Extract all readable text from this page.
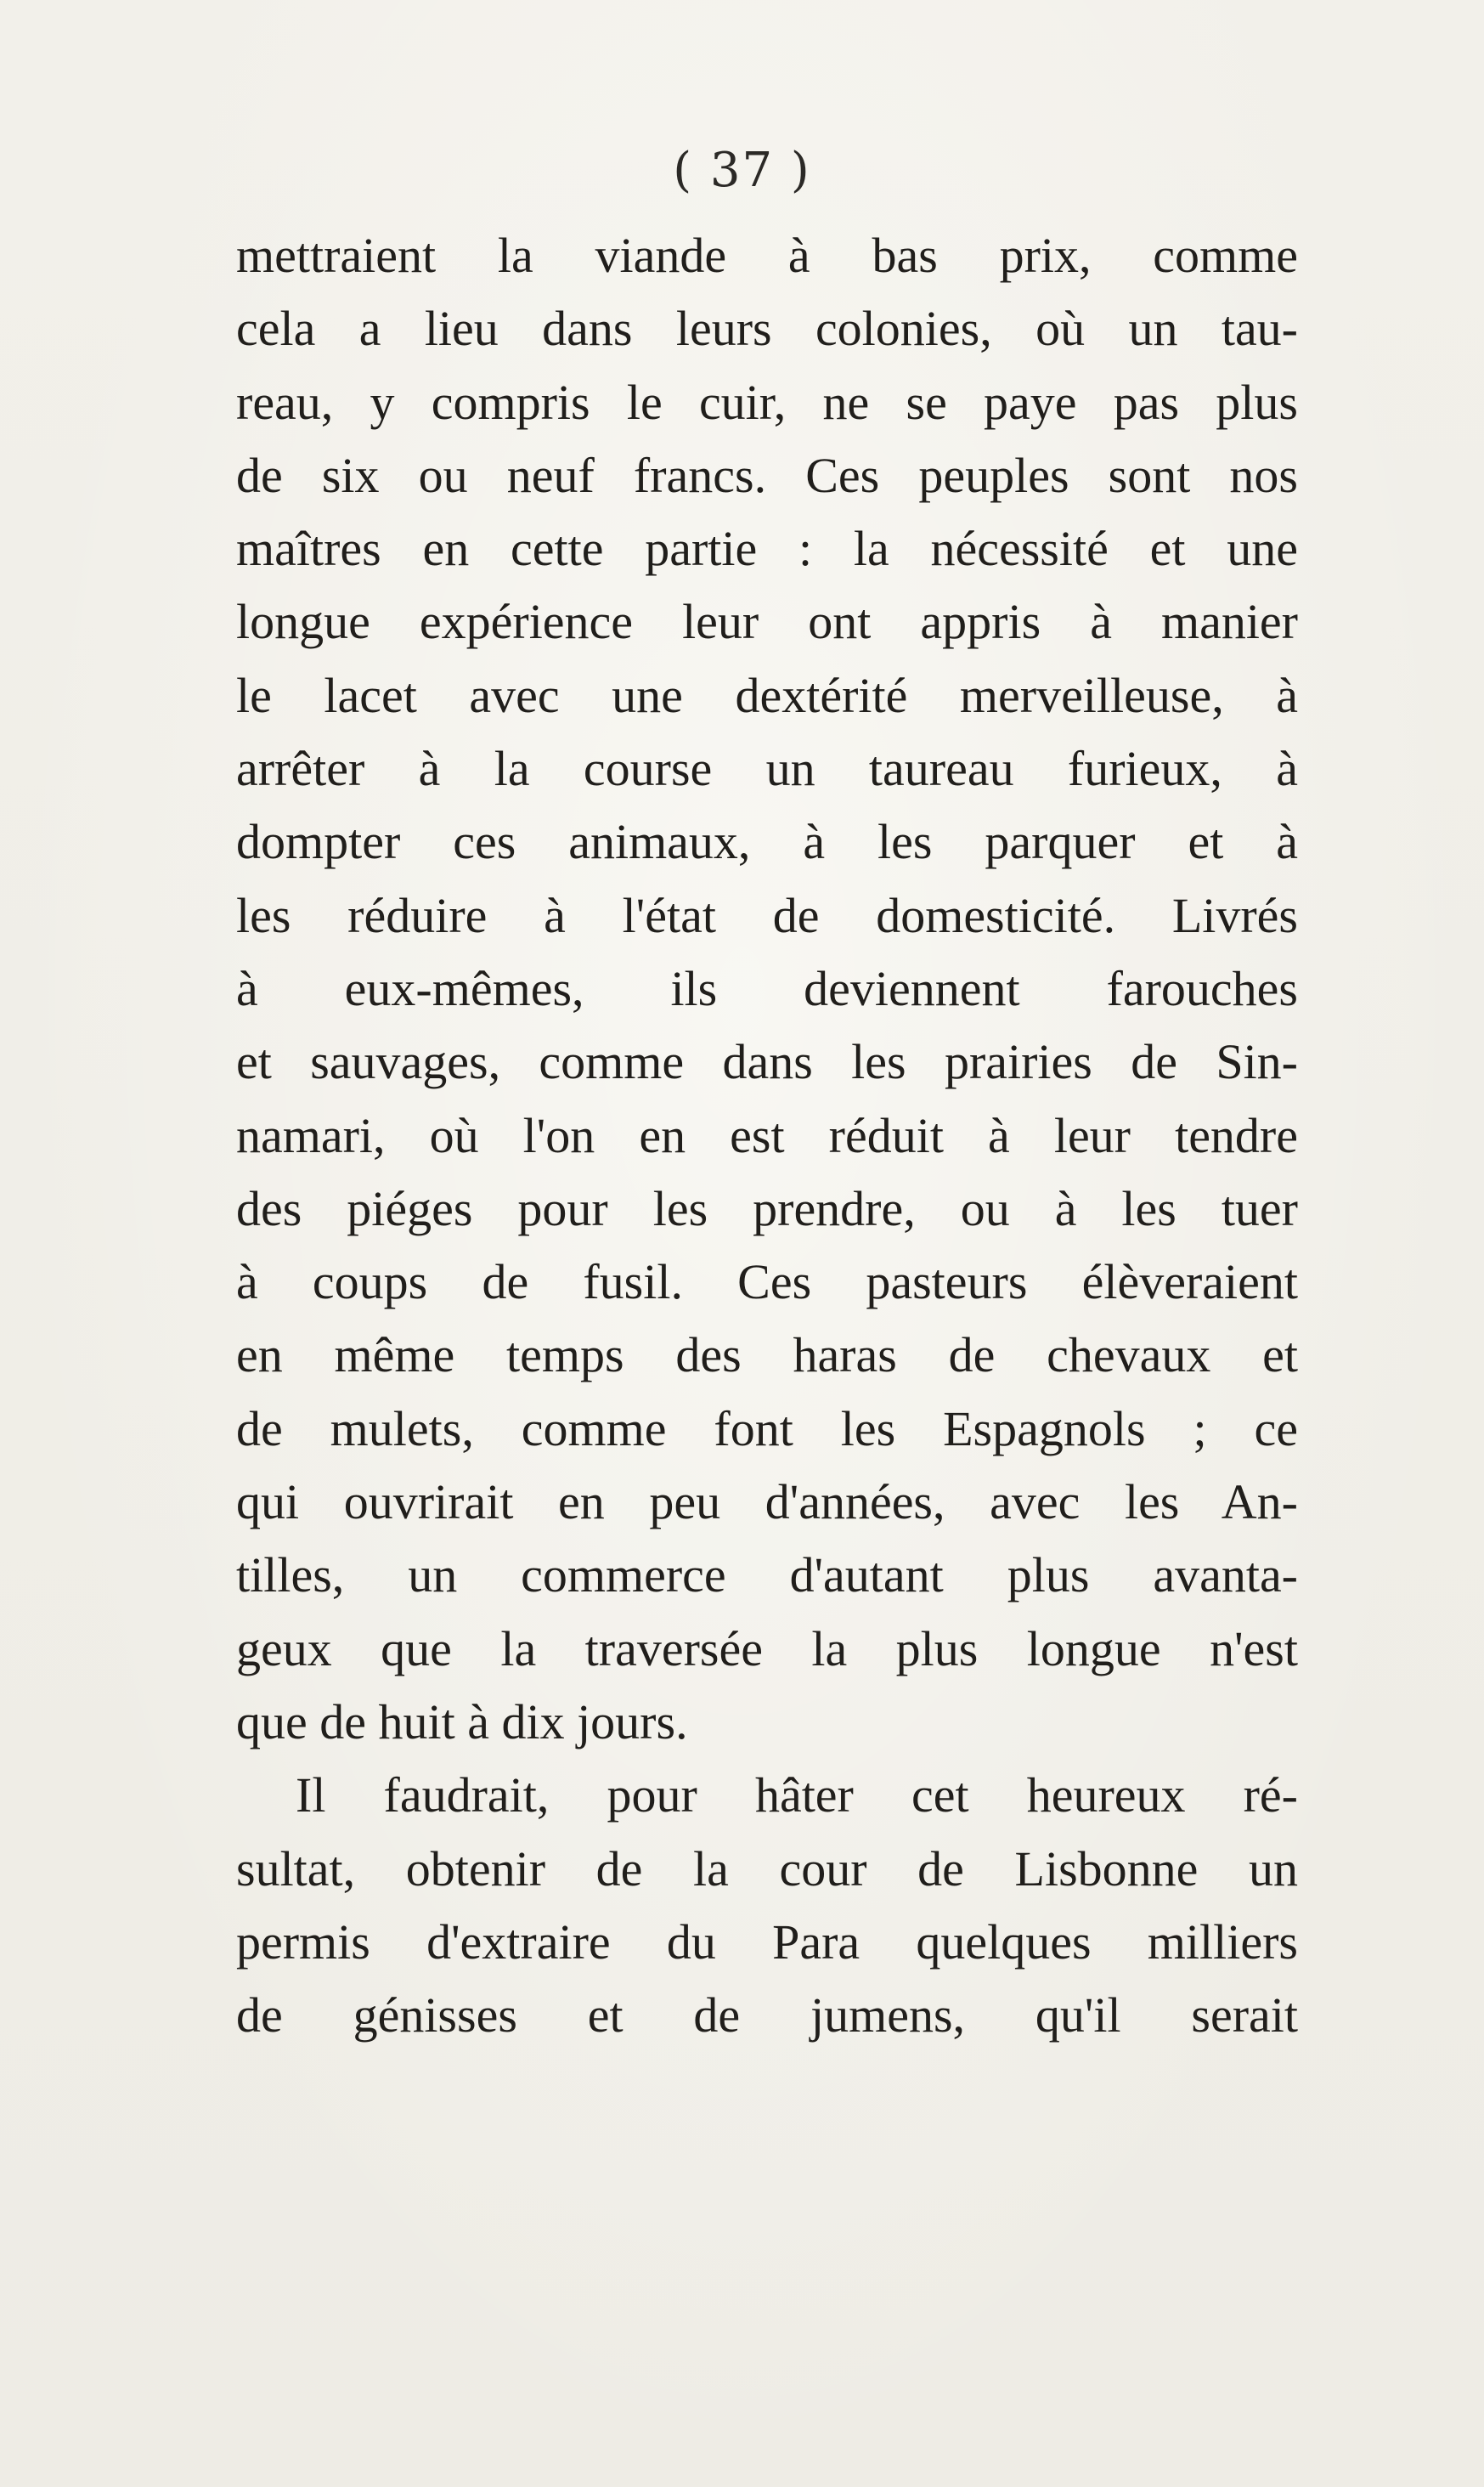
( 37 )
mettraient la viande à bas prix, comme
cela a lieu dans leurs colonies, où un tau-
reau, y compris le cuir, ne se paye pas plus
de six ou neuf francs. Ces peuples sont nos
maîtres en cette partie : la nécessité et une
longue expérience leur ont appris à manier
le lacet avec une dextérité merveilleuse, à
arrêter à la course un taureau furieux, à
dompter ces animaux, à les parquer et à
les réduire à l'état de domesticité. Livrés
à eux-mêmes, ils deviennent farouches
et sauvages, comme dans les prairies de Sin-
namari, où l'on en est réduit à leur tendre
des piéges pour les prendre, ou à les tuer
à coups de fusil. Ces pasteurs élèveraient
en même temps des haras de chevaux et
de mulets, comme font les Espagnols ; ce
qui ouvrirait en peu d'années, avec les An-
tilles, un commerce d'autant plus avanta-
geux que la traversée la plus longue n'est
que de huit à dix jours.
Il faudrait, pour hâter cet heureux ré-
sultat, obtenir de la cour de Lisbonne un
permis d'extraire du Para quelques milliers
de génisses et de jumens, qu'il serait
